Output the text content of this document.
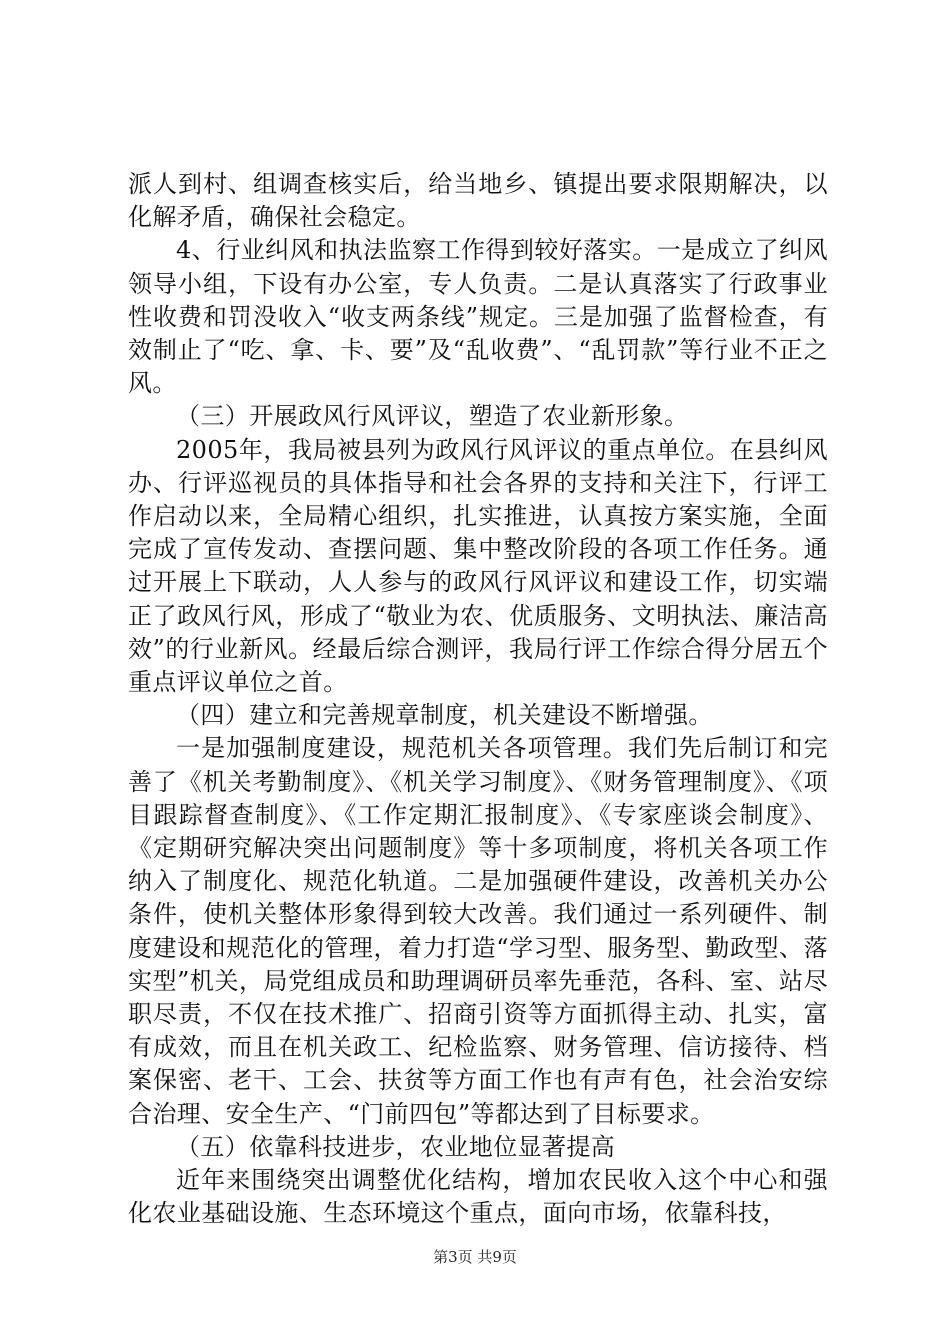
派人到村、组调查核实后，给当地乡、镇提出要求限期解决，以化解矛盾，确保社会稳定。

4、行业纠风和执法监察工作得到较好落实。一是成立了纠风领导小组，下设有办公室，专人负责。二是认真落实了行政事业性收费和罚没收入“收支两条线”规定。三是加强了监督检查，有效制止了“吃、拿、卡、要”及“乱收费”、“乱罚款”等行业不正之风。

（三）开展政风行风评议，塑造了农业新形象。

2005年，我局被县列为政风行风评议的重点单位。在县纠风办、行评巡视员的具体指导和社会各界的支持和关注下，行评工作启动以来，全局精心组织，扎实推进，认真按方案实施，全面完成了宣传发动、查摆问题、集中整改阶段的各项工作任务。通过开展上下联动，人人参与的政风行风评议和建设工作，切实端正了政风行风，形成了“敬业为农、优质服务、文明执法、廉洁高效”的行业新风。经最后综合测评，我局行评工作综合得分居五个重点评议单位之首。

（四）建立和完善规章制度，机关建设不断增强。

一是加强制度建设，规范机关各项管理。我们先后制订和完善了《机关考勤制度》、《机关学习制度》、《财务管理制度》、《项目跟踪督查制度》、《工作定期汇报制度》、《专家座谈会制度》、《定期研究解决突出问题制度》等十多项制度，将机关各项工作纳入了制度化、规范化轨道。二是加强硬件建设，改善机关办公条件，使机关整体形象得到较大改善。我们通过一系列硬件、制度建设和规范化的管理，着力打造“学习型、服务型、勤政型、落实型”机关，局党组成员和助理调研员率先垂范，各科、室、站尽职尽责，不仅在技术推广、招商引资等方面抓得主动、扎实，富有成效，而且在机关政工、纪检监察、财务管理、信访接待、档案保密、老干、工会、扶贫等方面工作也有声有色，社会治安综合治理、安全生产、“门前四包”等都达到了目标要求。

（五）依靠科技进步，农业地位显著提高

近年来围绕突出调整优化结构，增加农民收入这个中心和强化农业基础设施、生态环境这个重点，面向市场，依靠科技，

第3页 共9页
